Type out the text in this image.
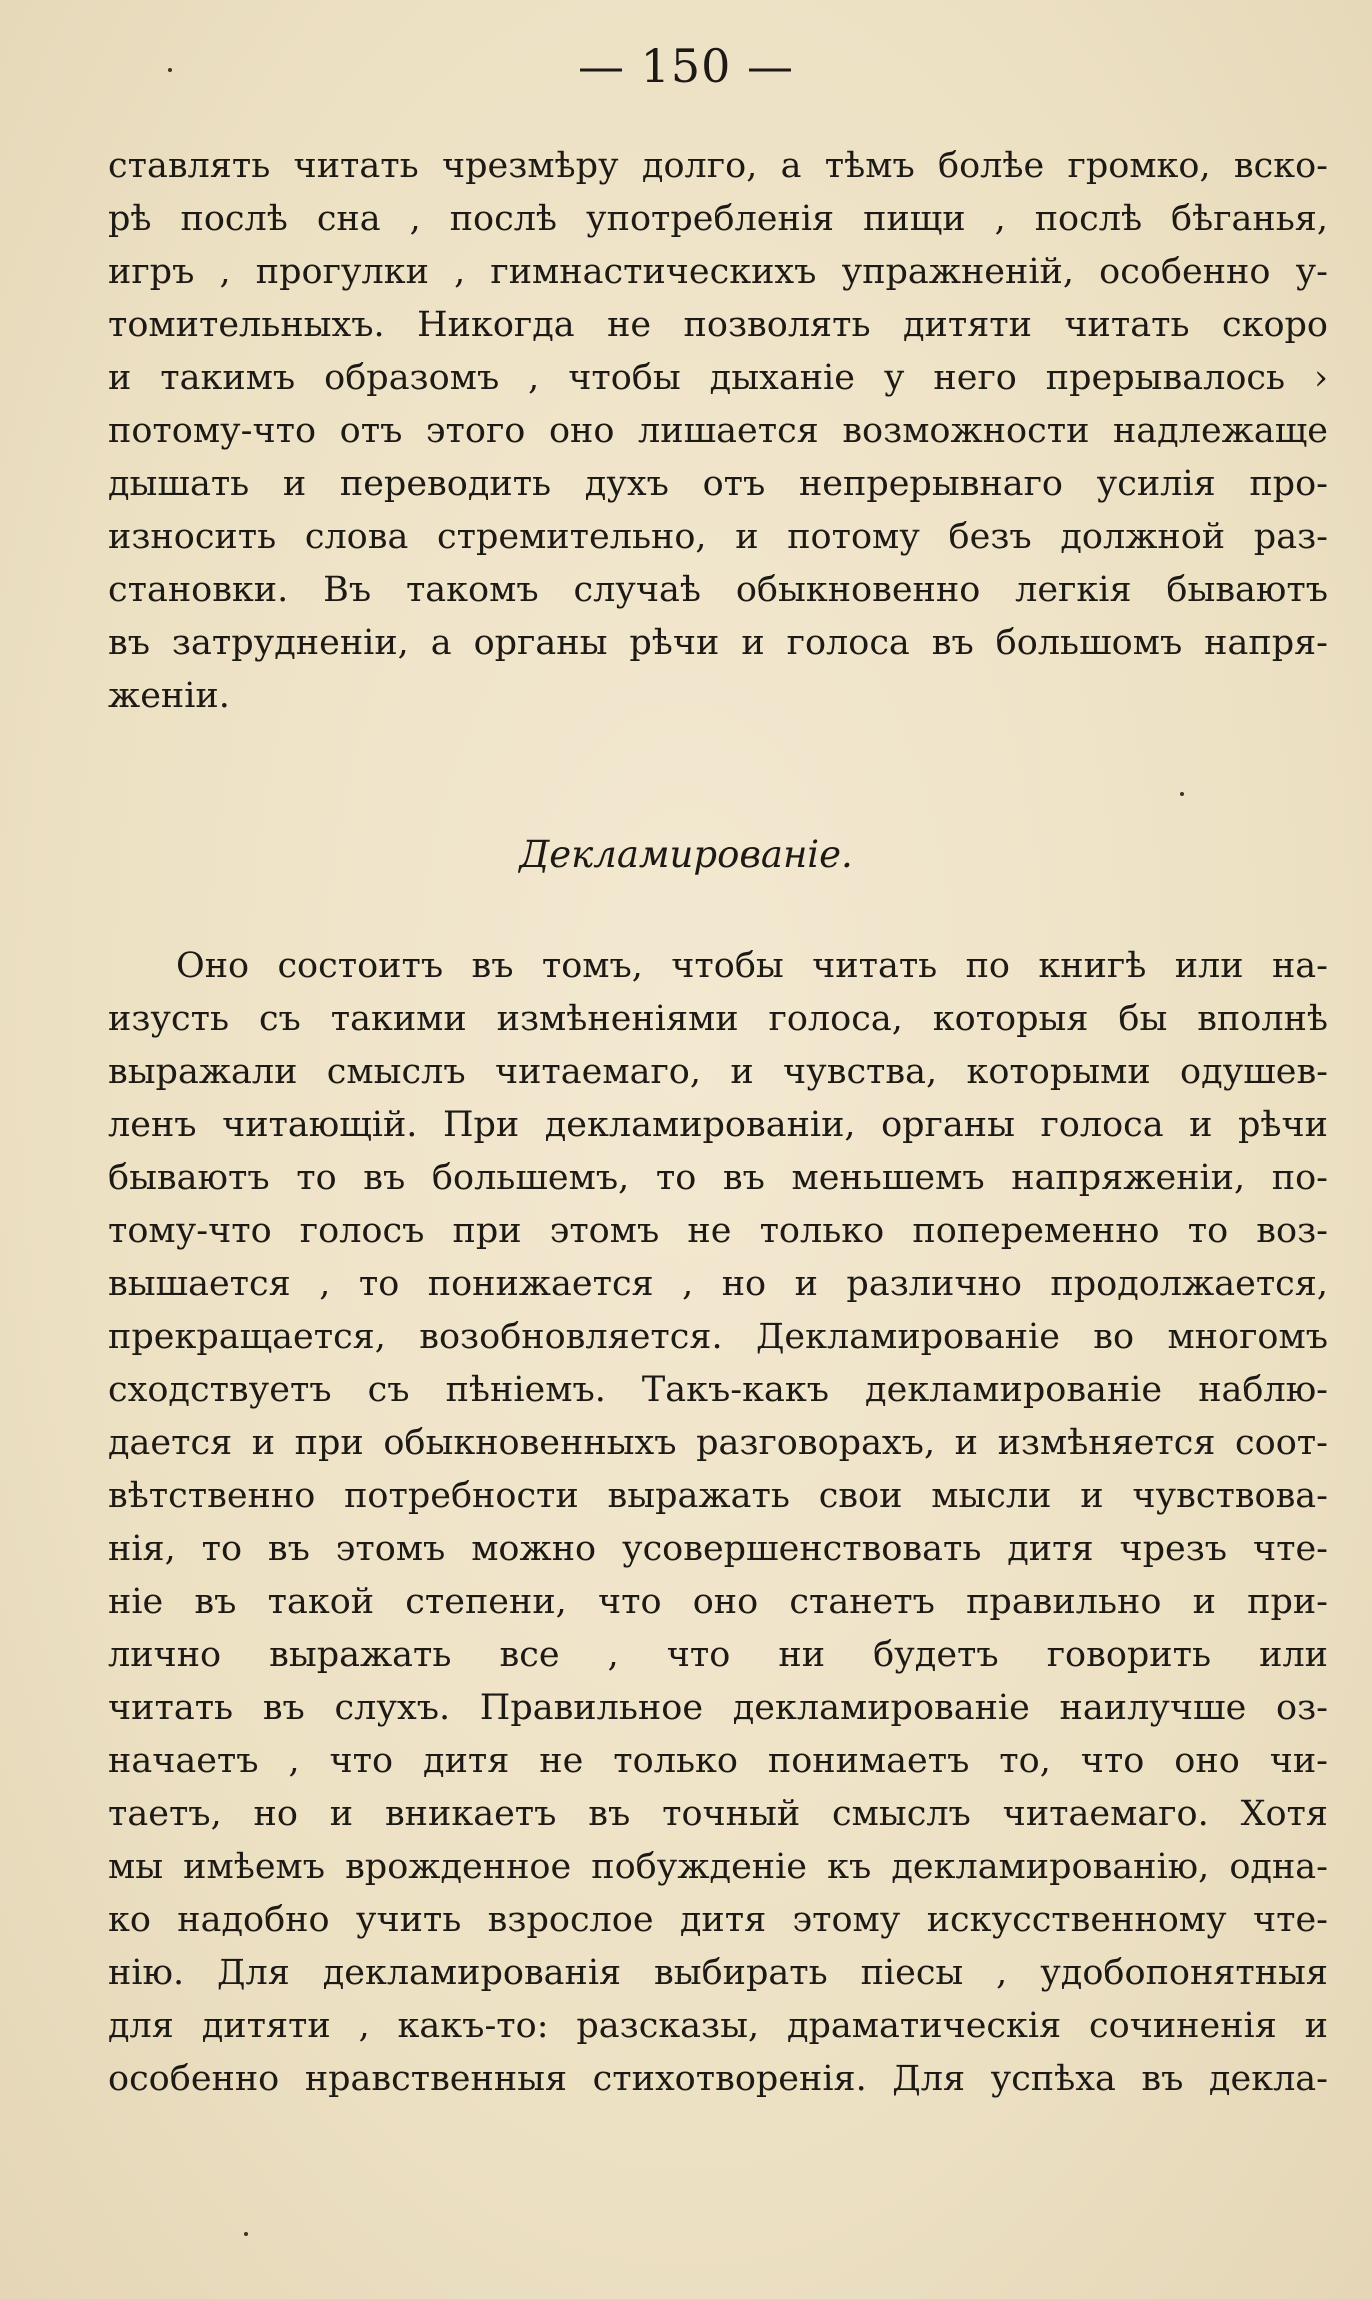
— 150 —
ставлять читать чрезмѣру долго, а тѣмъ болѣе громко, вско-
рѣ послѣ сна , послѣ употребленія пищи , послѣ бѣганья,
игръ , прогулки , гимнастическихъ упражненій, особенно у-
томительныхъ. Никогда не позволять дитяти читать скоро
и такимъ образомъ , чтобы дыханіе у него прерывалось ›
потому-что отъ этого оно лишается возможности надлежаще
дышать и переводить духъ отъ непрерывнаго усилія про-
износить слова стремительно, и потому безъ должной раз-
становки. Въ такомъ случаѣ обыкновенно легкія бываютъ
въ затрудненіи, а органы рѣчи и голоса въ большомъ напря-
женіи.
Декламированіе.
Оно состоитъ въ томъ, чтобы читать по книгѣ или на-
изусть съ такими измѣненіями голоса, которыя бы вполнѣ
выражали смыслъ читаемаго, и чувства, которыми одушев-
ленъ читающій. При декламированіи, органы голоса и рѣчи
бываютъ то въ большемъ, то въ меньшемъ напряженіи, по-
тому-что голосъ при этомъ не только попеременно то воз-
вышается , то понижается , но и различно продолжается,
прекращается, возобновляется. Декламированіе во многомъ
сходствуетъ съ пѣніемъ. Такъ-какъ декламированіе наблю-
дается и при обыкновенныхъ разговорахъ, и измѣняется соот-
вѣтственно потребности выражать свои мысли и чувствова-
нія, то въ этомъ можно усовершенствовать дитя чрезъ чте-
ніе въ такой степени, что оно станетъ правильно и при-
лично выражать все , что ни будетъ говорить или
читать въ слухъ. Правильное декламированіе наилучше оз-
начаетъ , что дитя не только понимаетъ то, что оно чи-
таетъ, но и вникаетъ въ точный смыслъ читаемаго. Хотя
мы имѣемъ врожденное побужденіе къ декламированію, одна-
ко надобно учить взрослое дитя этому искусственному чте-
нію. Для декламированія выбирать піесы , удобопонятныя
для дитяти , какъ-то: разсказы, драматическія сочиненія и
особенно нравственныя стихотворенія. Для успѣха въ декла-
